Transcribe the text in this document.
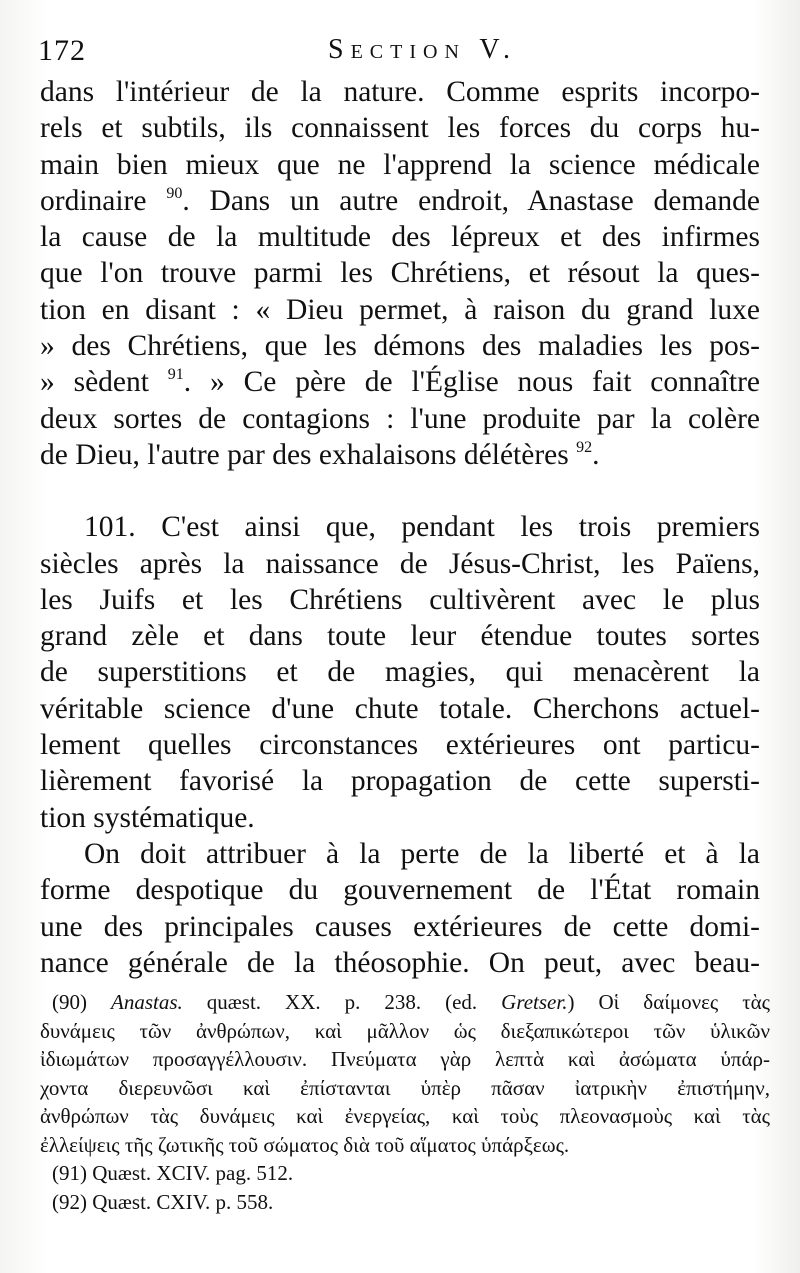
172	Section V.
dans l'intérieur de la nature. Comme esprits incorpo-
rels et subtils, ils connaissent les forces du corps hu-
main bien mieux que ne l'apprend la science médicale
ordinaire $^{90}$. Dans un autre endroit, Anastase demande
la cause de la multitude des lépreux et des infirmes
que l'on trouve parmi les Chrétiens, et résout la ques-
tion en disant : « Dieu permet, à raison du grand luxe
» des Chrétiens, que les démons des maladies les pos-
» sèdent $^{91}$. » Ce père de l'Église nous fait connaître
deux sortes de contagions : l'une produite par la colère
de Dieu, l'autre par des exhalaisons délétères $^{92}$.
101. C'est ainsi que, pendant les trois premiers
siècles après la naissance de Jésus-Christ, les Païens,
les Juifs et les Chrétiens cultivèrent avec le plus
grand zèle et dans toute leur étendue toutes sortes
de superstitions et de magies, qui menacèrent la
véritable science d'une chute totale. Cherchons actuel-
lement quelles circonstances extérieures ont particu-
lièrement favorisé la propagation de cette supersti-
tion systématique.
On doit attribuer à la perte de la liberté et à la
forme despotique du gouvernement de l'État romain
une des principales causes extérieures de cette domi-
nance générale de la théosophie. On peut, avec beau-
(90) Anastas. quæst. XX. p. 238. (ed. Gretser.) Οἱ δαίμονες τὰς
δυνάμεις τῶν ἀνθρώπων, καὶ μᾶλλον ὡς διεξαπικώτεροι τῶν ὑλικῶν
ἰδιωμάτων προσαγγέλλουσιν. Πνεύματα γὰρ λεπτὰ καὶ ἀσώματα ὑπάρ-
χοντα διερευνῶσι καὶ ἐπίστανται ὑπὲρ πᾶσαν ἰατρικὴν ἐπιστήμην,
ἀνθρώπων τὰς δυνάμεις καὶ ἐνεργείας, καὶ τοὺς πλεονασμοὺς καὶ τὰς
ἐλλείψεις τῆς ζωτικῆς τοῦ σώματος διὰ τοῦ αἵματος ὑπάρξεως.
(91) Quæst. XCIV. pag. 512.
(92) Quæst. CXIV. p. 558.
